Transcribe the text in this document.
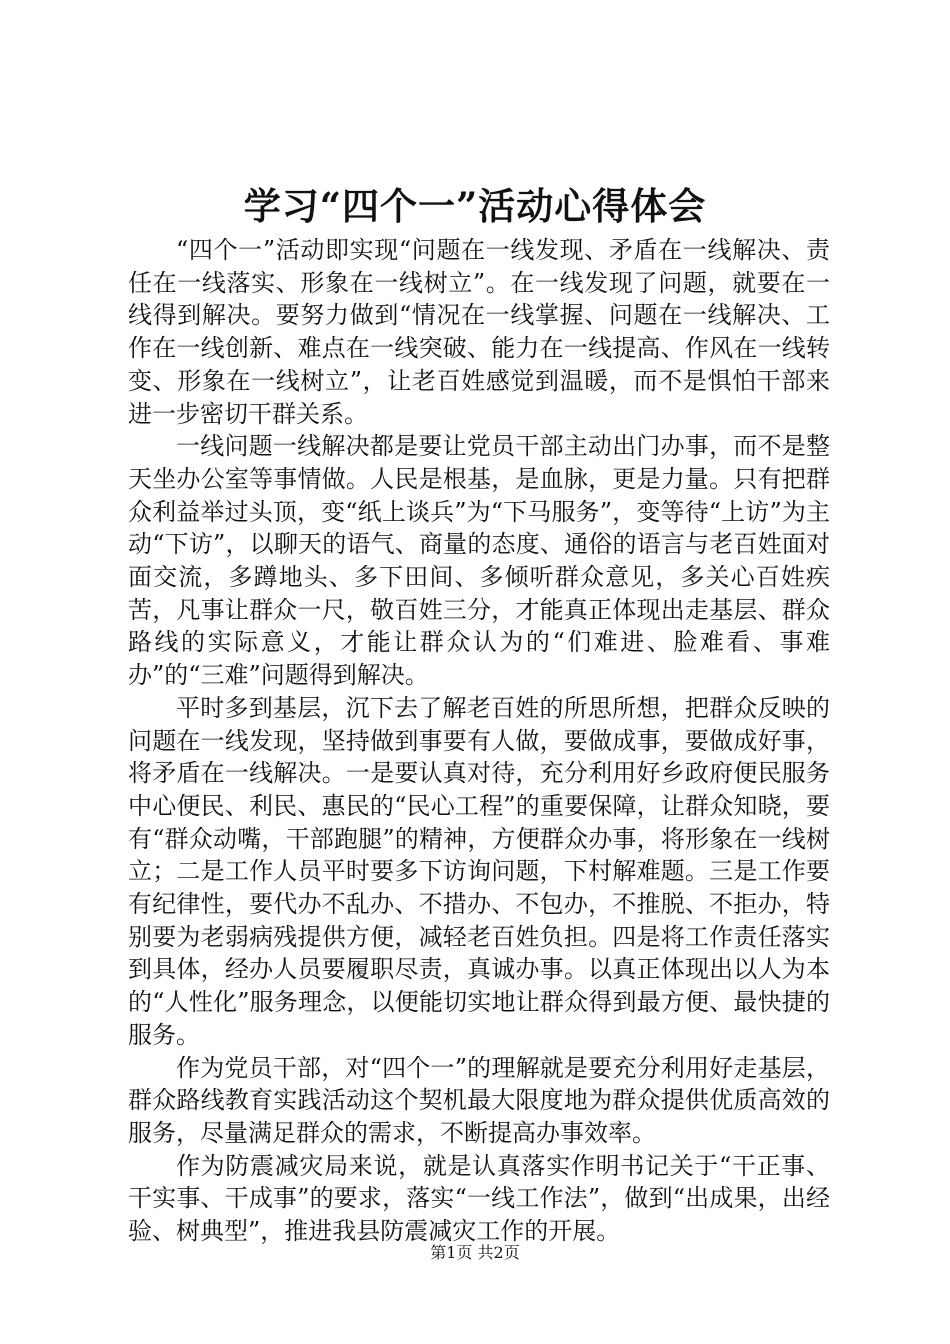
学习“四个一”活动心得体会

“四个一”活动即实现“问题在一线发现、矛盾在一线解决、责任在一线落实、形象在一线树立”。在一线发现了问题，就要在一线得到解决。要努力做到“情况在一线掌握、问题在一线解决、工作在一线创新、难点在一线突破、能力在一线提高、作风在一线转变、形象在一线树立”，让老百姓感觉到温暖，而不是惧怕干部来进一步密切干群关系。

一线问题一线解决都是要让党员干部主动出门办事，而不是整天坐办公室等事情做。人民是根基，是血脉，更是力量。只有把群众利益举过头顶，变“纸上谈兵”为“下马服务”，变等待“上访”为主动“下访”，以聊天的语气、商量的态度、通俗的语言与老百姓面对面交流，多蹲地头、多下田间、多倾听群众意见，多关心百姓疾苦，凡事让群众一尺，敬百姓三分，才能真正体现出走基层、群众路线的实际意义，才能让群众认为的“们难进、脸难看、事难办”的“三难”问题得到解决。

平时多到基层，沉下去了解老百姓的所思所想，把群众反映的问题在一线发现，坚持做到事要有人做，要做成事，要做成好事，将矛盾在一线解决。一是要认真对待，充分利用好乡政府便民服务中心便民、利民、惠民的“民心工程”的重要保障，让群众知晓，要有“群众动嘴，干部跑腿”的精神，方便群众办事，将形象在一线树立；二是工作人员平时要多下访询问题，下村解难题。三是工作要有纪律性，要代办不乱办、不措办、不包办，不推脱、不拒办，特别要为老弱病残提供方便，减轻老百姓负担。四是将工作责任落实到具体，经办人员要履职尽责，真诚办事。以真正体现出以人为本的“人性化”服务理念，以便能切实地让群众得到最方便、最快捷的服务。

作为党员干部，对“四个一”的理解就是要充分利用好走基层，群众路线教育实践活动这个契机最大限度地为群众提供优质高效的服务，尽量满足群众的需求，不断提高办事效率。

作为防震减灾局来说，就是认真落实作明书记关于“干正事、干实事、干成事”的要求，落实“一线工作法”，做到“出成果，出经验、树典型”，推进我县防震减灾工作的开展。

第1页 共2页
